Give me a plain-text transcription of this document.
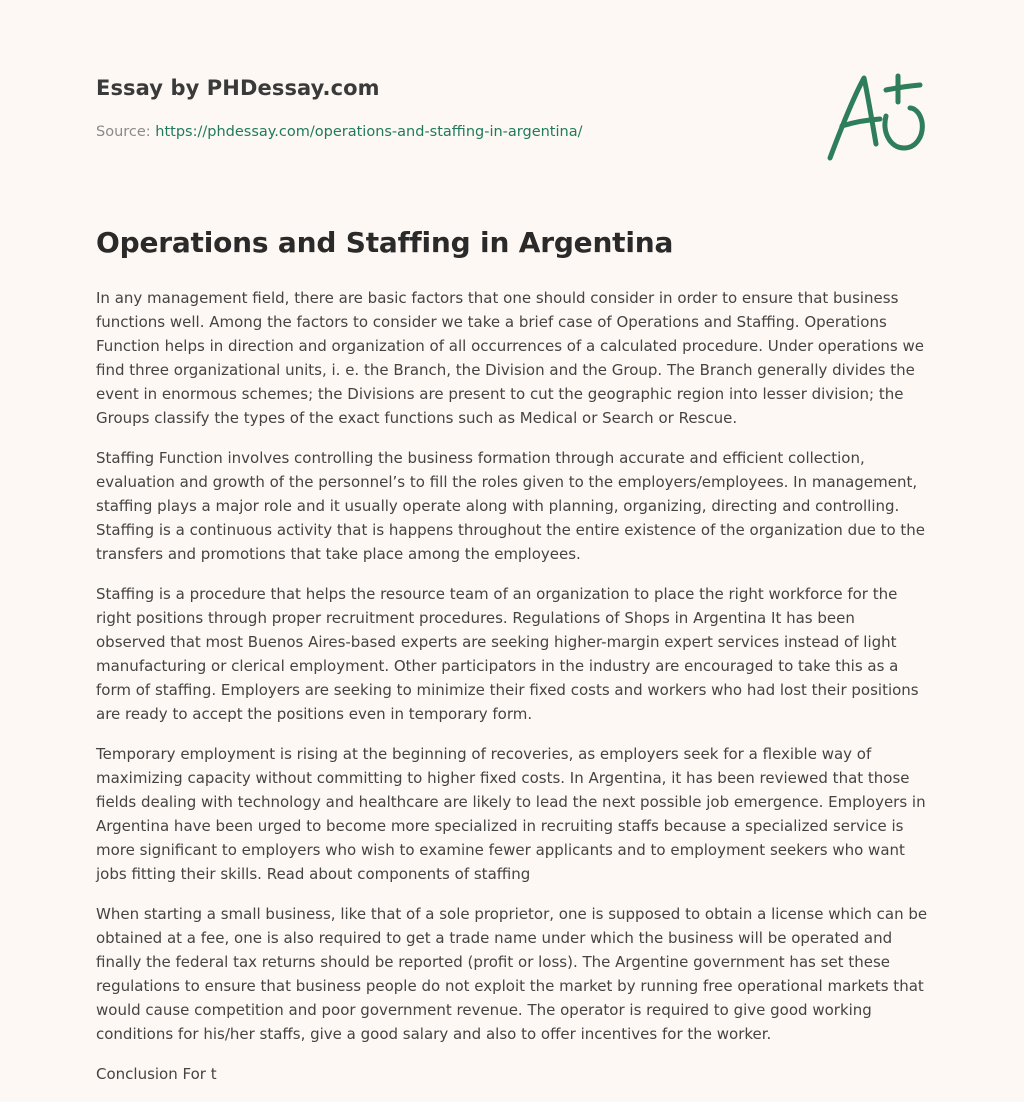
Essay by PHDessay.com
Source: https://phdessay.com/operations-and-staffing-in-argentina/
Operations and Staffing in Argentina

In any management field, there are basic factors that one should consider in order to ensure that business functions well. Among the factors to consider we take a brief case of Operations and Staffing. Operations Function helps in direction and organization of all occurrences of a calculated procedure. Under operations we find three organizational units, i. e. the Branch, the Division and the Group. The Branch generally divides the event in enormous schemes; the Divisions are present to cut the geographic region into lesser division; the Groups classify the types of the exact functions such as Medical or Search or Rescue.

Staffing Function involves controlling the business formation through accurate and efficient collection, evaluation and growth of the personnel’s to fill the roles given to the employers/employees. In management, staffing plays a major role and it usually operate along with planning, organizing, directing and controlling. Staffing is a continuous activity that is happens throughout the entire existence of the organization due to the transfers and promotions that take place among the employees.

Staffing is a procedure that helps the resource team of an organization to place the right workforce for the right positions through proper recruitment procedures. Regulations of Shops in Argentina It has been observed that most Buenos Aires-based experts are seeking higher-margin expert services instead of light manufacturing or clerical employment. Other participators in the industry are encouraged to take this as a form of staffing. Employers are seeking to minimize their fixed costs and workers who had lost their positions are ready to accept the positions even in temporary form.

Temporary employment is rising at the beginning of recoveries, as employers seek for a flexible way of maximizing capacity without committing to higher fixed costs. In Argentina, it has been reviewed that those fields dealing with technology and healthcare are likely to lead the next possible job emergence. Employers in Argentina have been urged to become more specialized in recruiting staffs because a specialized service is more significant to employers who wish to examine fewer applicants and to employment seekers who want jobs fitting their skills. Read about components of staffing

When starting a small business, like that of a sole proprietor, one is supposed to obtain a license which can be obtained at a fee, one is also required to get a trade name under which the business will be operated and finally the federal tax returns should be reported (profit or loss). The Argentine government has set these regulations to ensure that business people do not exploit the market by running free operational markets that would cause competition and poor government revenue. The operator is required to give good working conditions for his/her staffs, give a good salary and also to offer incentives for the worker.

Conclusion For t
